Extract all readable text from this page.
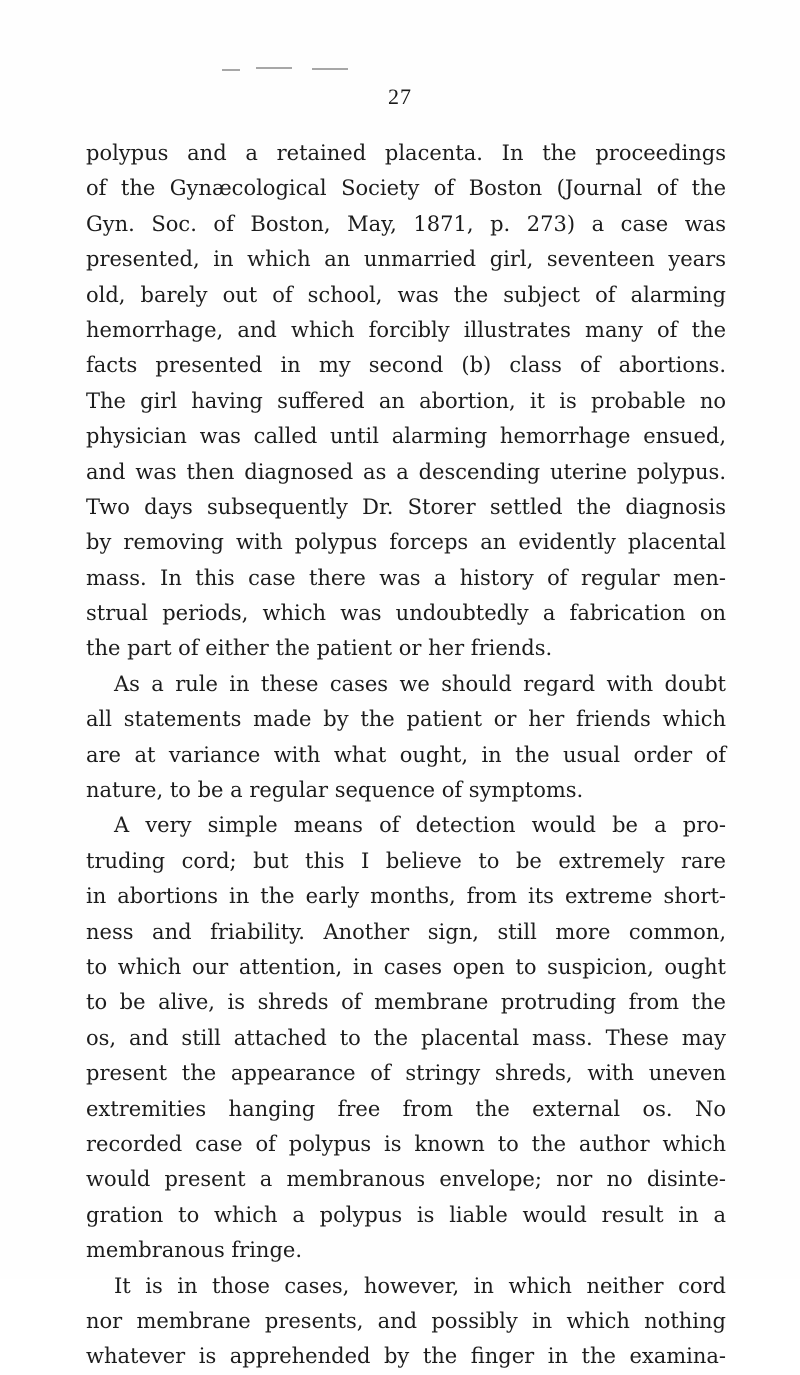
27
polypus and a retained placenta. In the proceedings
of the Gynæcological Society of Boston (Journal of the
Gyn. Soc. of Boston, May, 1871, p. 273) a case was
presented, in which an unmarried girl, seventeen years
old, barely out of school, was the subject of alarming
hemorrhage, and which forcibly illustrates many of the
facts presented in my second (b) class of abortions.
The girl having suffered an abortion, it is probable no
physician was called until alarming hemorrhage ensued,
and was then diagnosed as a descending uterine polypus.
Two days subsequently Dr. Storer settled the diagnosis
by removing with polypus forceps an evidently placental
mass. In this case there was a history of regular men-
strual periods, which was undoubtedly a fabrication on
the part of either the patient or her friends.
As a rule in these cases we should regard with doubt
all statements made by the patient or her friends which
are at variance with what ought, in the usual order of
nature, to be a regular sequence of symptoms.
A very simple means of detection would be a pro-
truding cord; but this I believe to be extremely rare
in abortions in the early months, from its extreme short-
ness and friability. Another sign, still more common,
to which our attention, in cases open to suspicion, ought
to be alive, is shreds of membrane protruding from the
os, and still attached to the placental mass. These may
present the appearance of stringy shreds, with uneven
extremities hanging free from the external os. No
recorded case of polypus is known to the author which
would present a membranous envelope; nor no disinte-
gration to which a polypus is liable would result in a
membranous fringe.
It is in those cases, however, in which neither cord
nor membrane presents, and possibly in which nothing
whatever is apprehended by the finger in the examina-
